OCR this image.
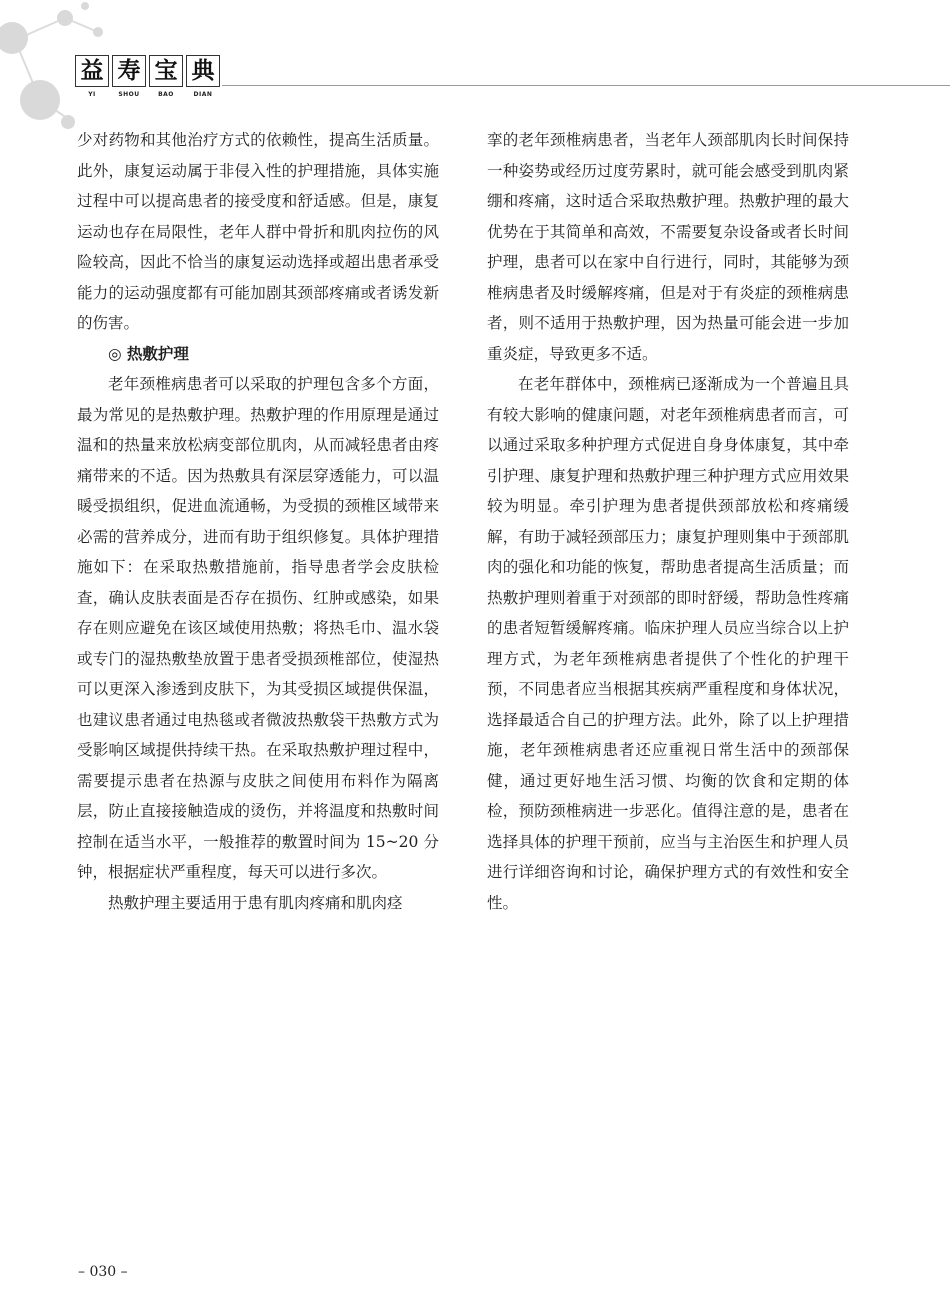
益 寿 宝 典
YI	SHOU	BAO	DIAN

少对药物和其他治疗方式的依赖性，提高生活质量。此外，康复运动属于非侵入性的护理措施，具体实施过程中可以提高患者的接受度和舒适感。但是，康复运动也存在局限性，老年人群中骨折和肌肉拉伤的风险较高，因此不恰当的康复运动选择或超出患者承受能力的运动强度都有可能加剧其颈部疼痛或者诱发新的伤害。

◎ 热敷护理

老年颈椎病患者可以采取的护理包含多个方面，最为常见的是热敷护理。热敷护理的作用原理是通过温和的热量来放松病变部位肌肉，从而减轻患者由疼痛带来的不适。因为热敷具有深层穿透能力，可以温暖受损组织，促进血流通畅，为受损的颈椎区域带来必需的营养成分，进而有助于组织修复。具体护理措施如下：在采取热敷措施前，指导患者学会皮肤检查，确认皮肤表面是否存在损伤、红肿或感染，如果存在则应避免在该区域使用热敷；将热毛巾、温水袋或专门的湿热敷垫放置于患者受损颈椎部位，使湿热可以更深入渗透到皮肤下，为其受损区域提供保温，也建议患者通过电热毯或者微波热敷袋干热敷方式为受影响区域提供持续干热。在采取热敷护理过程中，需要提示患者在热源与皮肤之间使用布料作为隔离层，防止直接接触造成的烫伤，并将温度和热敷时间控制在适当水平，一般推荐的敷置时间为 15~20 分钟，根据症状严重程度，每天可以进行多次。

热敷护理主要适用于患有肌肉疼痛和肌肉痉

挛的老年颈椎病患者，当老年人颈部肌肉长时间保持一种姿势或经历过度劳累时，就可能会感受到肌肉紧绷和疼痛，这时适合采取热敷护理。热敷护理的最大优势在于其简单和高效，不需要复杂设备或者长时间护理，患者可以在家中自行进行，同时，其能够为颈椎病患者及时缓解疼痛，但是对于有炎症的颈椎病患者，则不适用于热敷护理，因为热量可能会进一步加重炎症，导致更多不适。

在老年群体中，颈椎病已逐渐成为一个普遍且具有较大影响的健康问题，对老年颈椎病患者而言，可以通过采取多种护理方式促进自身身体康复，其中牵引护理、康复护理和热敷护理三种护理方式应用效果较为明显。牵引护理为患者提供颈部放松和疼痛缓解，有助于减轻颈部压力；康复护理则集中于颈部肌肉的强化和功能的恢复，帮助患者提高生活质量；而热敷护理则着重于对颈部的即时舒缓，帮助急性疼痛的患者短暂缓解疼痛。临床护理人员应当综合以上护理方式，为老年颈椎病患者提供了个性化的护理干预，不同患者应当根据其疾病严重程度和身体状况，选择最适合自己的护理方法。此外，除了以上护理措施，老年颈椎病患者还应重视日常生活中的颈部保健，通过更好地生活习惯、均衡的饮食和定期的体检，预防颈椎病进一步恶化。值得注意的是，患者在选择具体的护理干预前，应当与主治医生和护理人员进行详细咨询和讨论，确保护理方式的有效性和安全性。

– 030 –
